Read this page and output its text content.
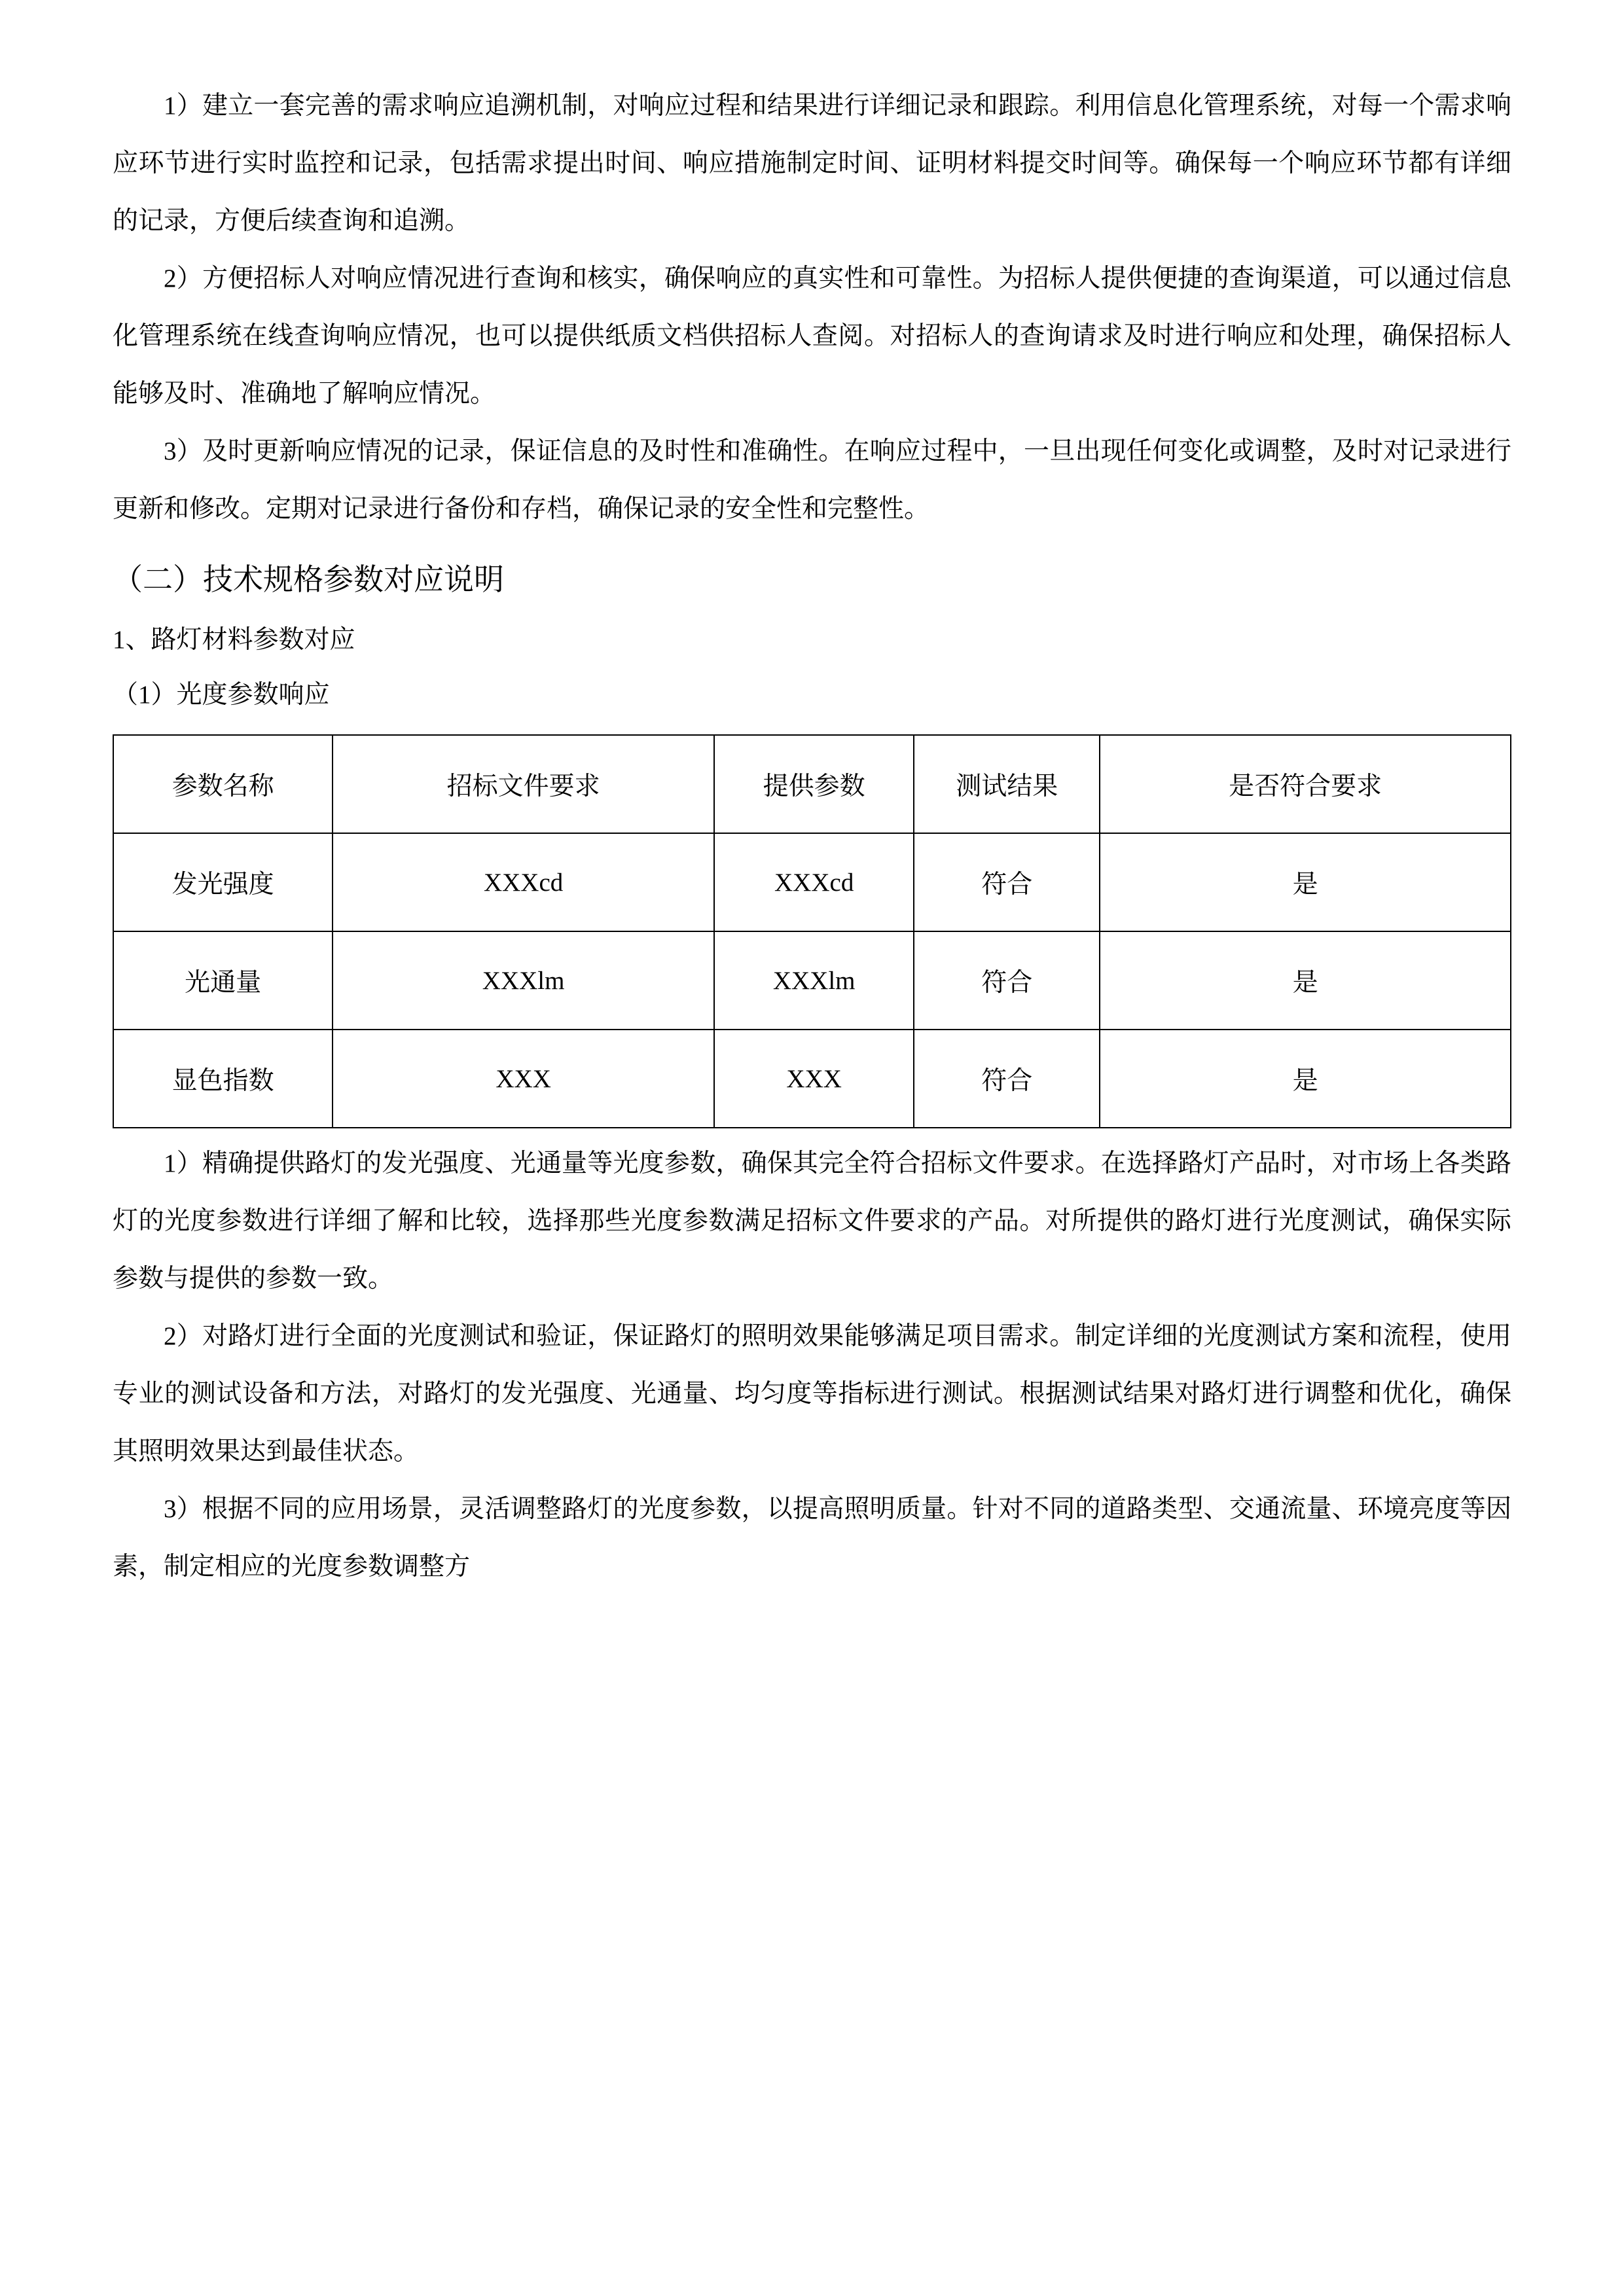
1）建立一套完善的需求响应追溯机制，对响应过程和结果进行详细记录和跟踪。利用信息化管理系统，对每一个需求响应环节进行实时监控和记录，包括需求提出时间、响应措施制定时间、证明材料提交时间等。确保每一个响应环节都有详细的记录，方便后续查询和追溯。

2）方便招标人对响应情况进行查询和核实，确保响应的真实性和可靠性。为招标人提供便捷的查询渠道，可以通过信息化管理系统在线查询响应情况，也可以提供纸质文档供招标人查阅。对招标人的查询请求及时进行响应和处理，确保招标人能够及时、准确地了解响应情况。

3）及时更新响应情况的记录，保证信息的及时性和准确性。在响应过程中，一旦出现任何变化或调整，及时对记录进行更新和修改。定期对记录进行备份和存档，确保记录的安全性和完整性。

（二）技术规格参数对应说明

1、路灯材料参数对应

（1）光度参数响应

参数名称	招标文件要求	提供参数	测试结果	是否符合要求
发光强度	XXXcd	XXXcd	符合	是
光通量	XXXlm	XXXlm	符合	是
显色指数	XXX	XXX	符合	是

1）精确提供路灯的发光强度、光通量等光度参数，确保其完全符合招标文件要求。在选择路灯产品时，对市场上各类路灯的光度参数进行详细了解和比较，选择那些光度参数满足招标文件要求的产品。对所提供的路灯进行光度测试，确保实际参数与提供的参数一致。

2）对路灯进行全面的光度测试和验证，保证路灯的照明效果能够满足项目需求。制定详细的光度测试方案和流程，使用专业的测试设备和方法，对路灯的发光强度、光通量、均匀度等指标进行测试。根据测试结果对路灯进行调整和优化，确保其照明效果达到最佳状态。

3）根据不同的应用场景，灵活调整路灯的光度参数，以提高照明质量。针对不同的道路类型、交通流量、环境亮度等因素，制定相应的光度参数调整方
